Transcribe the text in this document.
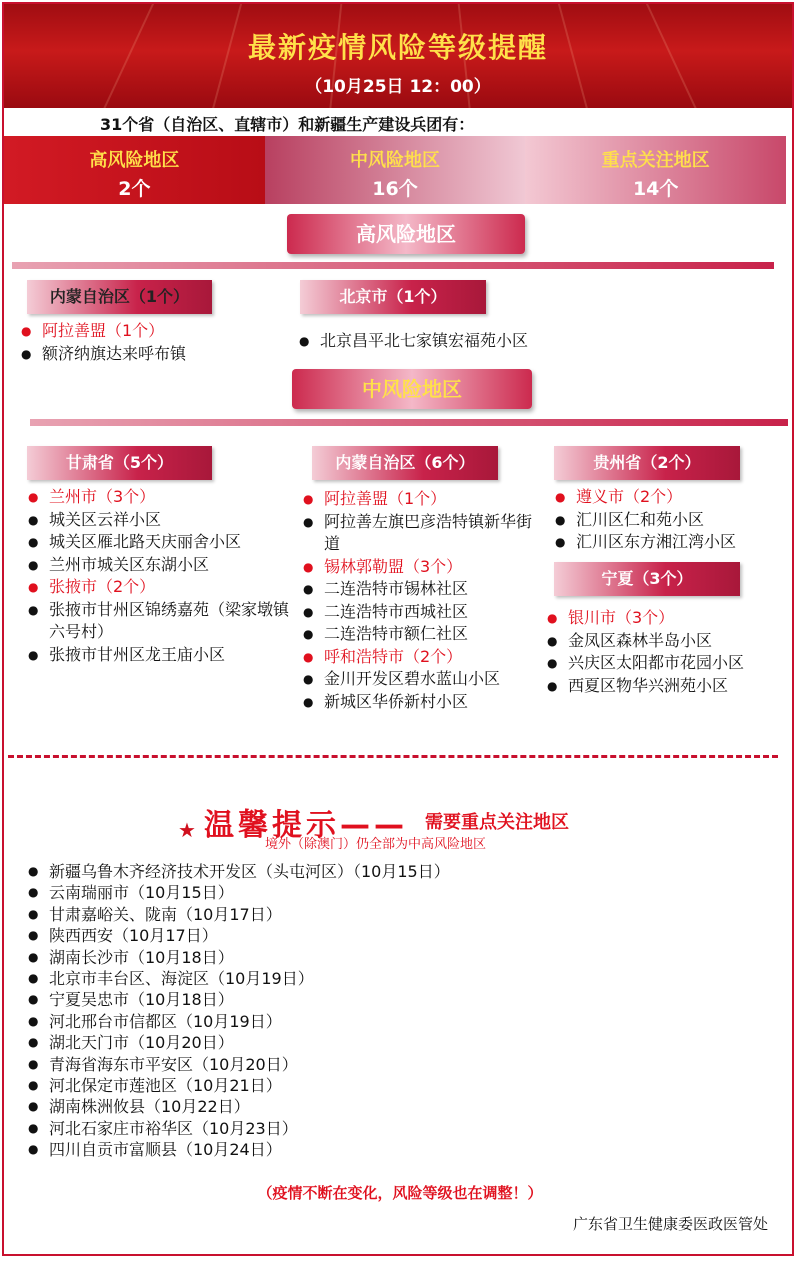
最新疫情风险等级提醒
（10月25日 12：00）
31个省（自治区、直辖市）和新疆生产建设兵团有：
高风险地区
2个
中风险地区
16个
重点关注地区
14个
高风险地区
内蒙自治区（1个）
● 阿拉善盟（1个）
● 额济纳旗达来呼布镇
北京市（1个）
● 北京昌平北七家镇宏福苑小区
中风险地区
甘肃省（5个）
● 兰州市（3个）
● 城关区云祥小区
● 城关区雁北路天庆丽舍小区
● 兰州市城关区东湖小区
● 张掖市（2个）
● 张掖市甘州区锦绣嘉苑（梁家墩镇六号村）
● 张掖市甘州区龙王庙小区
内蒙自治区（6个）
● 阿拉善盟（1个）
● 阿拉善左旗巴彦浩特镇新华街道
● 锡林郭勒盟（3个）
● 二连浩特市锡林社区
● 二连浩特市西城社区
● 二连浩特市额仁社区
● 呼和浩特市（2个）
● 金川开发区碧水蓝山小区
● 新城区华侨新村小区
贵州省（2个）
● 遵义市（2个）
● 汇川区仁和苑小区
● 汇川区东方湘江湾小区
宁夏（3个）
● 银川市（3个）
● 金凤区森林半岛小区
● 兴庆区太阳都市花园小区
● 西夏区物华兴洲苑小区
★ 温馨提示—— 需要重点关注地区
境外（除澳门）仍全部为中高风险地区
● 新疆乌鲁木齐经济技术开发区（头屯河区）（10月15日）
● 云南瑞丽市（10月15日）
● 甘肃嘉峪关、陇南（10月17日）
● 陕西西安（10月17日）
● 湖南长沙市（10月18日）
● 北京市丰台区、海淀区（10月19日）
● 宁夏吴忠市（10月18日）
● 河北邢台市信都区（10月19日）
● 湖北天门市（10月20日）
● 青海省海东市平安区（10月20日）
● 河北保定市莲池区（10月21日）
● 湖南株洲攸县（10月22日）
● 河北石家庄市裕华区（10月23日）
● 四川自贡市富顺县（10月24日）
（疫情不断在变化，风险等级也在调整！）
广东省卫生健康委医政医管处
